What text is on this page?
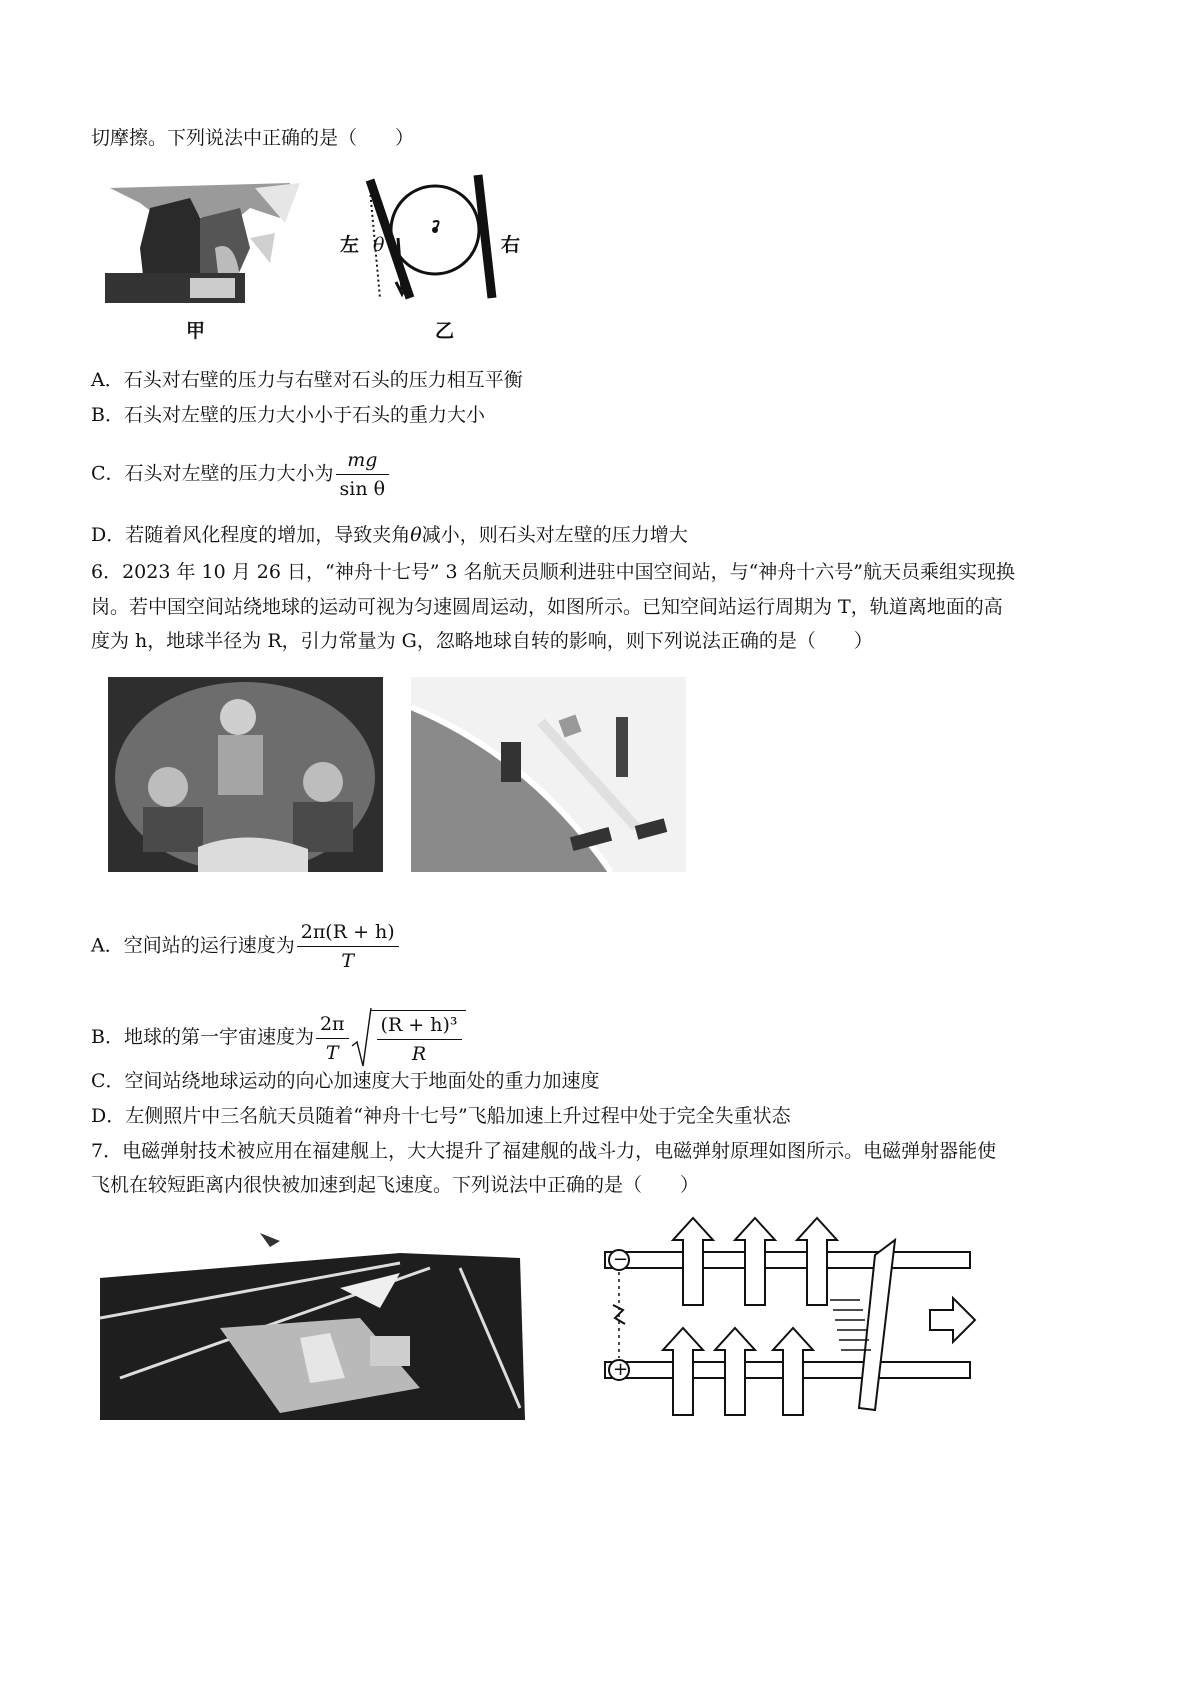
切摩擦。下列说法中正确的是（　　）
甲
左 θ	右
乙
A．石头对右壁的压力与右壁对石头的压力相互平衡
B．石头对左壁的压力大小小于石头的重力大小
C．石头对左壁的压力大小为 $\frac{mg}{\text{sin θ}}$
D．若随着风化程度的增加，导致夹角θ减小，则石头对左壁的压力增大
6．2023 年 10 月 26 日，“神舟十七号” 3 名航天员顺利进驻中国空间站，与“神舟十六号”航天员乘组实现换
岗。若中国空间站绕地球的运动可视为匀速圆周运动，如图所示。已知空间站运行周期为 T，轨道离地面的高
度为 h，地球半径为 R，引力常量为 G，忽略地球自转的影响，则下列说法正确的是（　　）
A．空间站的运行速度为 $\frac{2\pi(R + h)}{T}$
B．地球的第一宇宙速度为 $\frac{2\pi}{T} \frac{\text{(R + h)³}}{R}$
C．空间站绕地球运动的向心加速度大于地面处的重力加速度
D．左侧照片中三名航天员随着“神舟十七号”飞船加速上升过程中处于完全失重状态
7．电磁弹射技术被应用在福建舰上，大大提升了福建舰的战斗力，电磁弹射原理如图所示。电磁弹射器能使
飞机在较短距离内很快被加速到起飞速度。下列说法中正确的是（　　）
−
+
